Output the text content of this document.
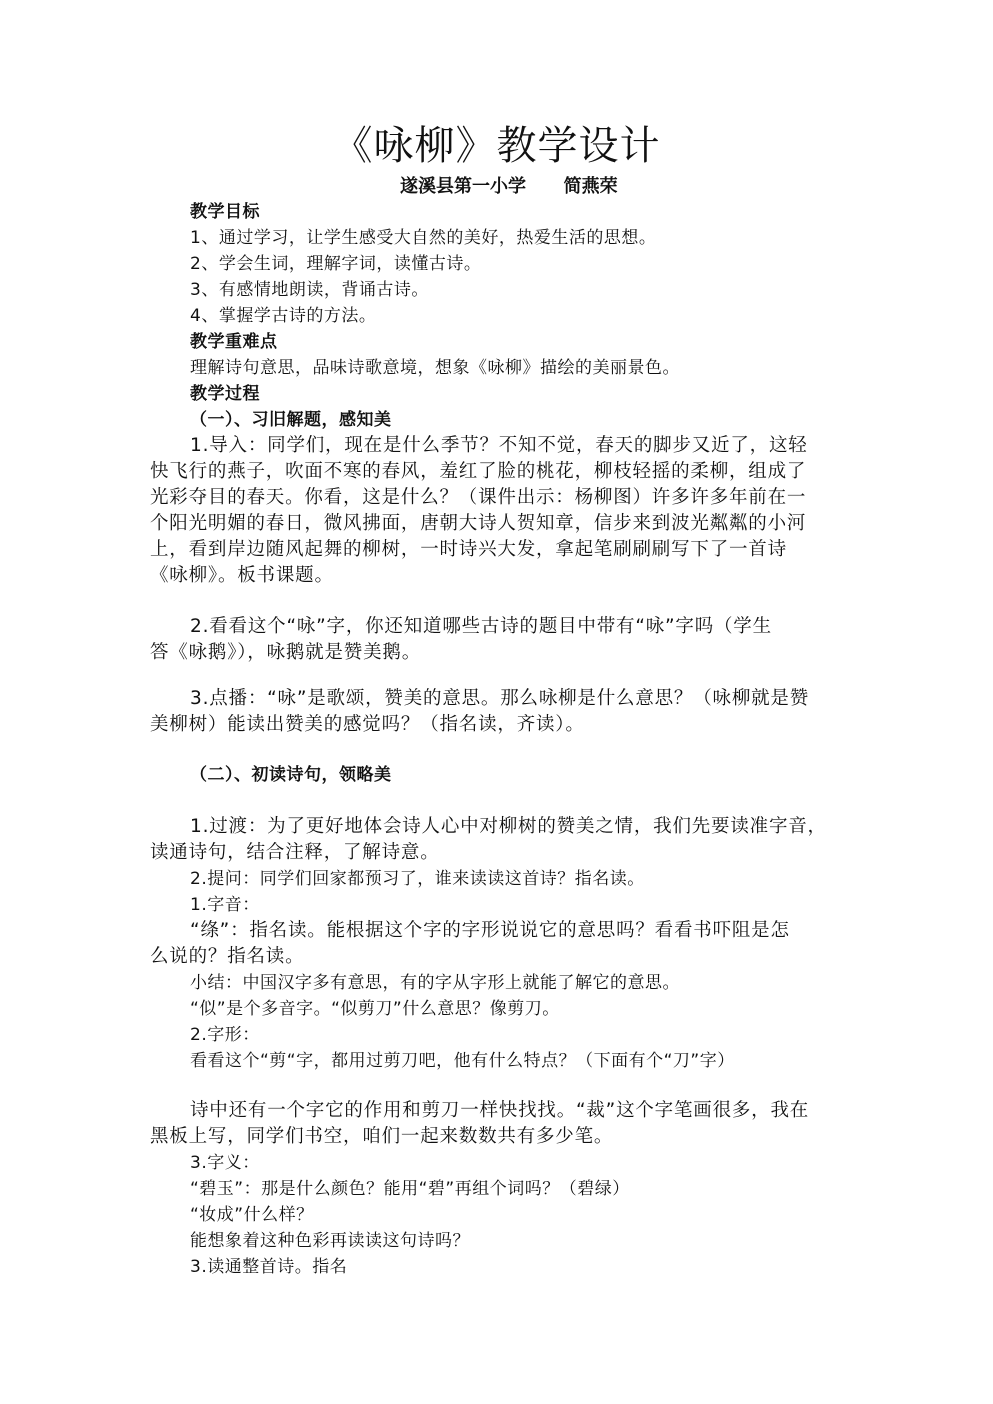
《咏柳》教学设计
遂溪县第一小学      简燕荣
教学目标
1、通过学习，让学生感受大自然的美好，热爱生活的思想。
2、学会生词，理解字词，读懂古诗。
3、有感情地朗读，背诵古诗。
4、掌握学古诗的方法。
教学重难点
理解诗句意思，品味诗歌意境，想象《咏柳》描绘的美丽景色。
教学过程
（一）、习旧解题，感知美
1.导入：同学们，现在是什么季节？不知不觉，春天的脚步又近了，这轻
快飞行的燕子，吹面不寒的春风，羞红了脸的桃花，柳枝轻摇的柔柳，组成了
光彩夺目的春天。你看，这是什么？（课件出示：杨柳图）许多许多年前在一
个阳光明媚的春日，微风拂面，唐朝大诗人贺知章，信步来到波光粼粼的小河
上，看到岸边随风起舞的柳树，一时诗兴大发，拿起笔刷刷刷写下了一首诗
《咏柳》。板书课题。
2.看看这个“咏”字，你还知道哪些古诗的题目中带有“咏”字吗（学生
答《咏鹅》），咏鹅就是赞美鹅。
3.点播：“咏”是歌颂，赞美的意思。那么咏柳是什么意思？（咏柳就是赞
美柳树）能读出赞美的感觉吗？（指名读，齐读）。
（二）、初读诗句，领略美
1.过渡：为了更好地体会诗人心中对柳树的赞美之情，我们先要读准字音，
读通诗句，结合注释，了解诗意。
2.提问：同学们回家都预习了，谁来读读这首诗？指名读。
1.字音：
“绦”：指名读。能根据这个字的字形说说它的意思吗？看看书吓阻是怎
么说的？指名读。
小结：中国汉字多有意思，有的字从字形上就能了解它的意思。
“似”是个多音字。“似剪刀”什么意思？像剪刀。
2.字形：
看看这个“剪“字，都用过剪刀吧，他有什么特点？（下面有个“刀”字）
诗中还有一个字它的作用和剪刀一样快找找。“裁”这个字笔画很多，我在
黑板上写，同学们书空，咱们一起来数数共有多少笔。
3.字义：
“碧玉”：那是什么颜色？能用“碧”再组个词吗？（碧绿）
“妆成”什么样？
能想象着这种色彩再读读这句诗吗？
3.读通整首诗。指名
